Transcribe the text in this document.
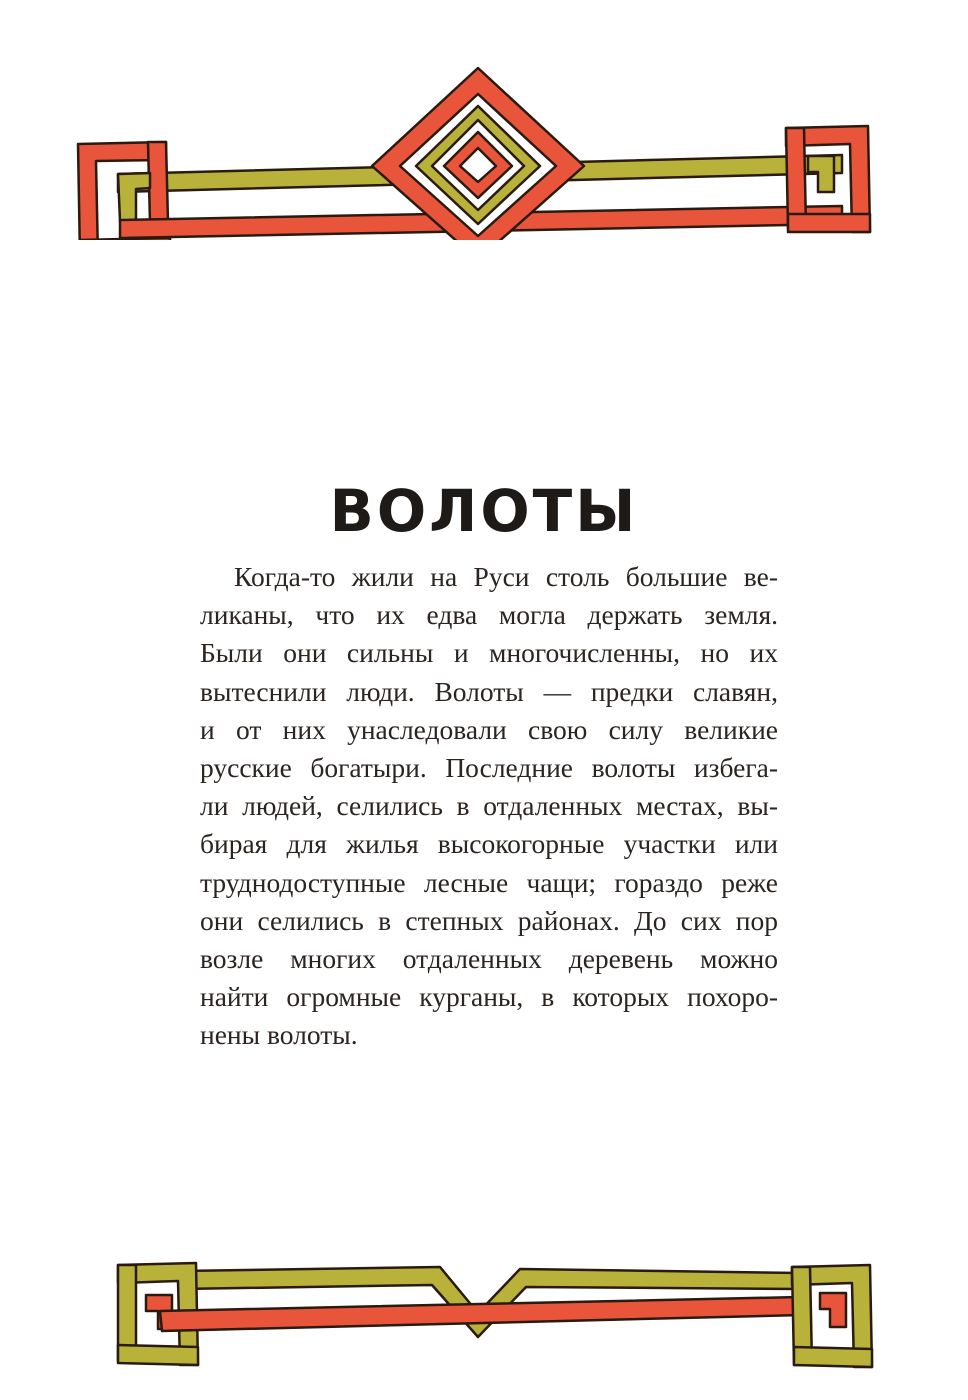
ВОЛОТЫ

Когда-то жили на Руси столь большие ве-
ликаны, что их едва могла держать земля.
Были они сильны и многочисленны, но их
вытеснили люди. Волоты — предки славян,
и от них унаследовали свою силу великие
русские богатыри. Последние волоты избега-
ли людей, селились в отдаленных местах, вы-
бирая для жилья высокогорные участки или
труднодоступные лесные чащи; гораздо реже
они селились в степных районах. До сих пор
возле многих отдаленных деревень можно
найти огромные курганы, в которых похоро-
нены волоты.
